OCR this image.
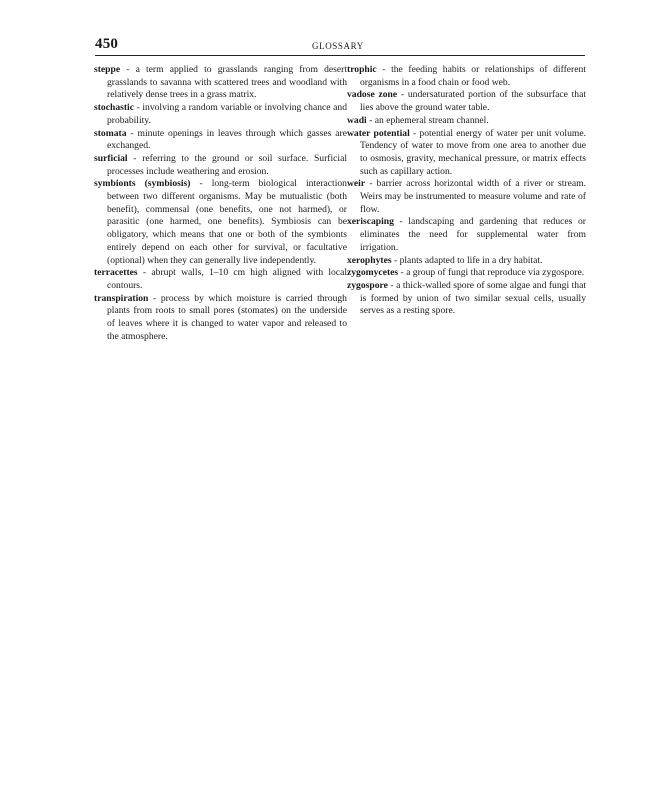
450	GLOSSARY

steppe - a term applied to grasslands ranging from desert grasslands to savanna with scattered trees and woodland with relatively dense trees in a grass matrix.

stochastic - involving a random variable or involving chance and probability.

stomata - minute openings in leaves through which gasses are exchanged.

surficial - referring to the ground or soil surface. Surficial processes include weathering and erosion.

symbionts (symbiosis) - long-term biological interaction between two different organisms. May be mutualistic (both benefit), commensal (one benefits, one not harmed), or parasitic (one harmed, one benefits). Symbiosis can be obligatory, which means that one or both of the symbionts entirely depend on each other for survival, or facultative (optional) when they can generally live independently.

terracettes - abrupt walls, 1–10 cm high aligned with local contours.

transpiration - process by which moisture is carried through plants from roots to small pores (stomates) on the underside of leaves where it is changed to water vapor and released to the atmosphere.

trophic - the feeding habits or relationships of different organisms in a food chain or food web.

vadose zone - undersaturated portion of the subsurface that lies above the ground water table.

wadi - an ephemeral stream channel.

water potential - potential energy of water per unit volume. Tendency of water to move from one area to another due to osmosis, gravity, mechanical pressure, or matrix effects such as capillary action.

weir - barrier across horizontal width of a river or stream. Weirs may be instrumented to measure volume and rate of flow.

xeriscaping - landscaping and gardening that reduces or eliminates the need for supplemental water from irrigation.

xerophytes - plants adapted to life in a dry habitat.

zygomycetes - a group of fungi that reproduce via zygospore.

zygospore - a thick-walled spore of some algae and fungi that is formed by union of two similar sexual cells, usually serves as a resting spore.
